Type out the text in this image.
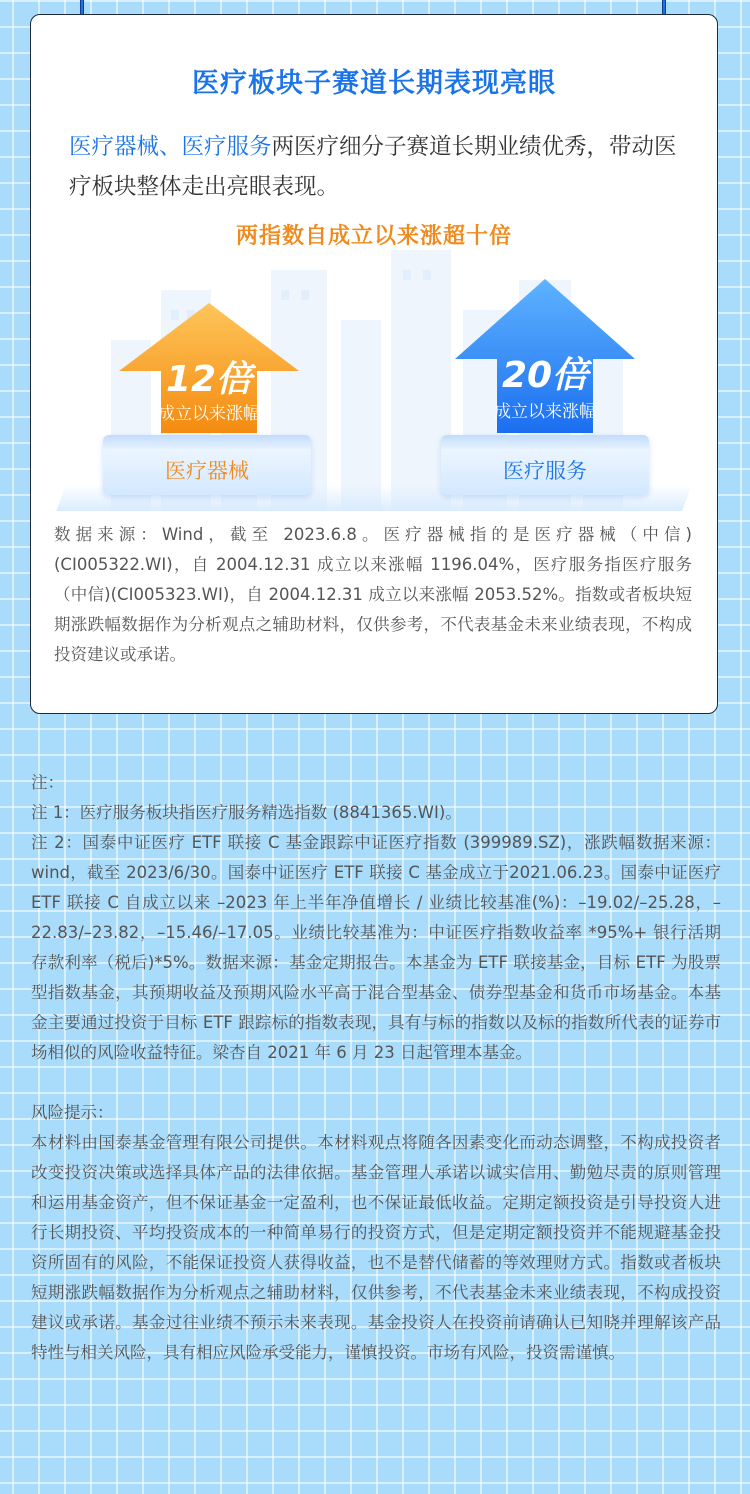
医疗板块子赛道长期表现亮眼
医疗器械、医疗服务两医疗细分子赛道长期业绩优秀，带动医疗板块整体走出亮眼表现。
两指数自成立以来涨超十倍
12倍
成立以来涨幅
医疗器械
20倍
成立以来涨幅
医疗服务
数据来源：Wind，截至 2023.6.8。医疗器械指的是医疗器械（中信)(CI005322.WI)，自 2004.12.31 成立以来涨幅 1196.04%，医疗服务指医疗服务（中信)(CI005323.WI)，自 2004.12.31 成立以来涨幅 2053.52%。指数或者板块短期涨跌幅数据作为分析观点之辅助材料，仅供参考，不代表基金未来业绩表现，不构成投资建议或承诺。

注：

注 1：医疗服务板块指医疗服务精选指数 (8841365.WI)。

注 2：国泰中证医疗 ETF 联接 C 基金跟踪中证医疗指数 (399989.SZ)，涨跌幅数据来源：wind，截至 2023/6/30。国泰中证医疗 ETF 联接 C 基金成立于2021.06.23。国泰中证医疗 ETF 联接 C 自成立以来 –2023 年上半年净值增长 / 业绩比较基准(%)：–19.02/–25.28，–22.83/–23.82，–15.46/–17.05。业绩比较基准为：中证医疗指数收益率 *95%+ 银行活期存款利率（税后)*5%。数据来源：基金定期报告。本基金为 ETF 联接基金，目标 ETF 为股票型指数基金，其预期收益及预期风险水平高于混合型基金、债券型基金和货币市场基金。本基金主要通过投资于目标 ETF 跟踪标的指数表现，具有与标的指数以及标的指数所代表的证券市场相似的风险收益特征。梁杏自 2021 年 6 月 23 日起管理本基金。

风险提示：

本材料由国泰基金管理有限公司提供。本材料观点将随各因素变化而动态调整，不构成投资者改变投资决策或选择具体产品的法律依据。基金管理人承诺以诚实信用、勤勉尽责的原则管理和运用基金资产，但不保证基金一定盈利，也不保证最低收益。定期定额投资是引导投资人进行长期投资、平均投资成本的一种简单易行的投资方式，但是定期定额投资并不能规避基金投资所固有的风险，不能保证投资人获得收益，也不是替代储蓄的等效理财方式。指数或者板块短期涨跌幅数据作为分析观点之辅助材料，仅供参考，不代表基金未来业绩表现，不构成投资建议或承诺。基金过往业绩不预示未来表现。基金投资人在投资前请确认已知晓并理解该产品特性与相关风险，具有相应风险承受能力，谨慎投资。市场有风险，投资需谨慎。
